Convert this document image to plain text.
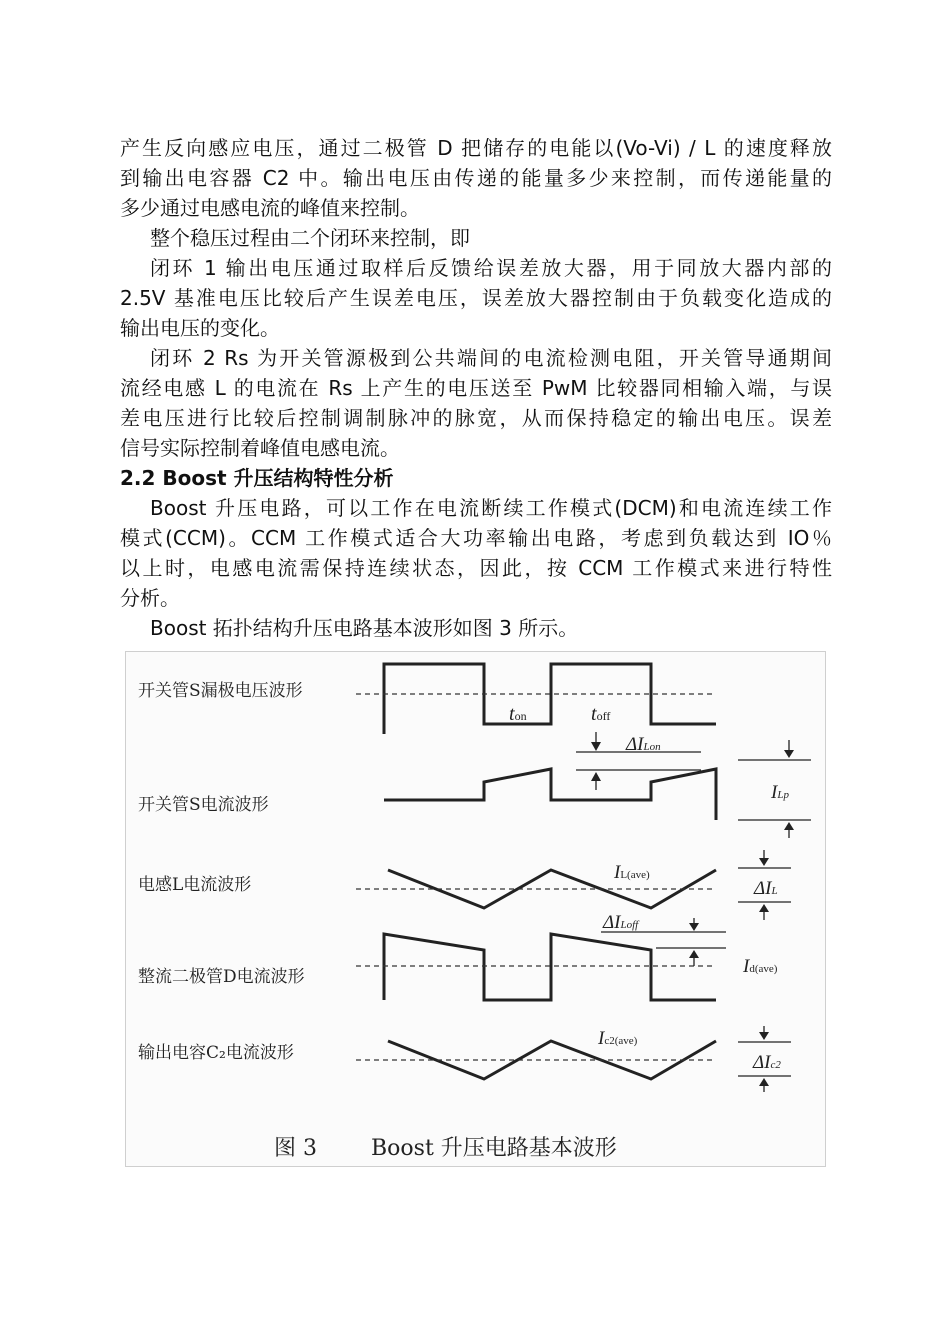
产生反向感应电压，通过二极管 D 把储存的电能以(Vo-Vi) / L 的速度释放
到输出电容器 C2 中。输出电压由传递的能量多少来控制，而传递能量的
多少通过电感电流的峰值来控制。

整个稳压过程由二个闭环来控制，即

闭环 1 输出电压通过取样后反馈给误差放大器，用于同放大器内部的
2.5V 基准电压比较后产生误差电压，误差放大器控制由于负载变化造成的
输出电压的变化。

闭环 2 Rs 为开关管源极到公共端间的电流检测电阻，开关管导通期间
流经电感 L 的电流在 Rs 上产生的电压送至 PwM 比较器同相输入端，与误
差电压进行比较后控制调制脉冲的脉宽，从而保持稳定的输出电压。误差
信号实际控制着峰值电感电流。

2.2 Boost 升压结构特性分析

Boost 升压电路，可以工作在电流断续工作模式(DCM)和电流连续工作
模式(CCM)。CCM 工作模式适合大功率输出电路，考虑到负载达到 IO％
以上时，电感电流需保持连续状态，因此，按 CCM 工作模式来进行特性
分析。

Boost 拓扑结构升压电路基本波形如图 3 所示。

开关管S漏极电压波形
开关管S电流波形
电感L电流波形
整流二极管D电流波形
输出电容C₂电流波形
ton	toff
ΔILon
ILp
IL(ave)
ΔIL
ΔILoff
Id(ave)
Ic2(ave)
ΔIc2
图 3 Boost 升压电路基本波形
